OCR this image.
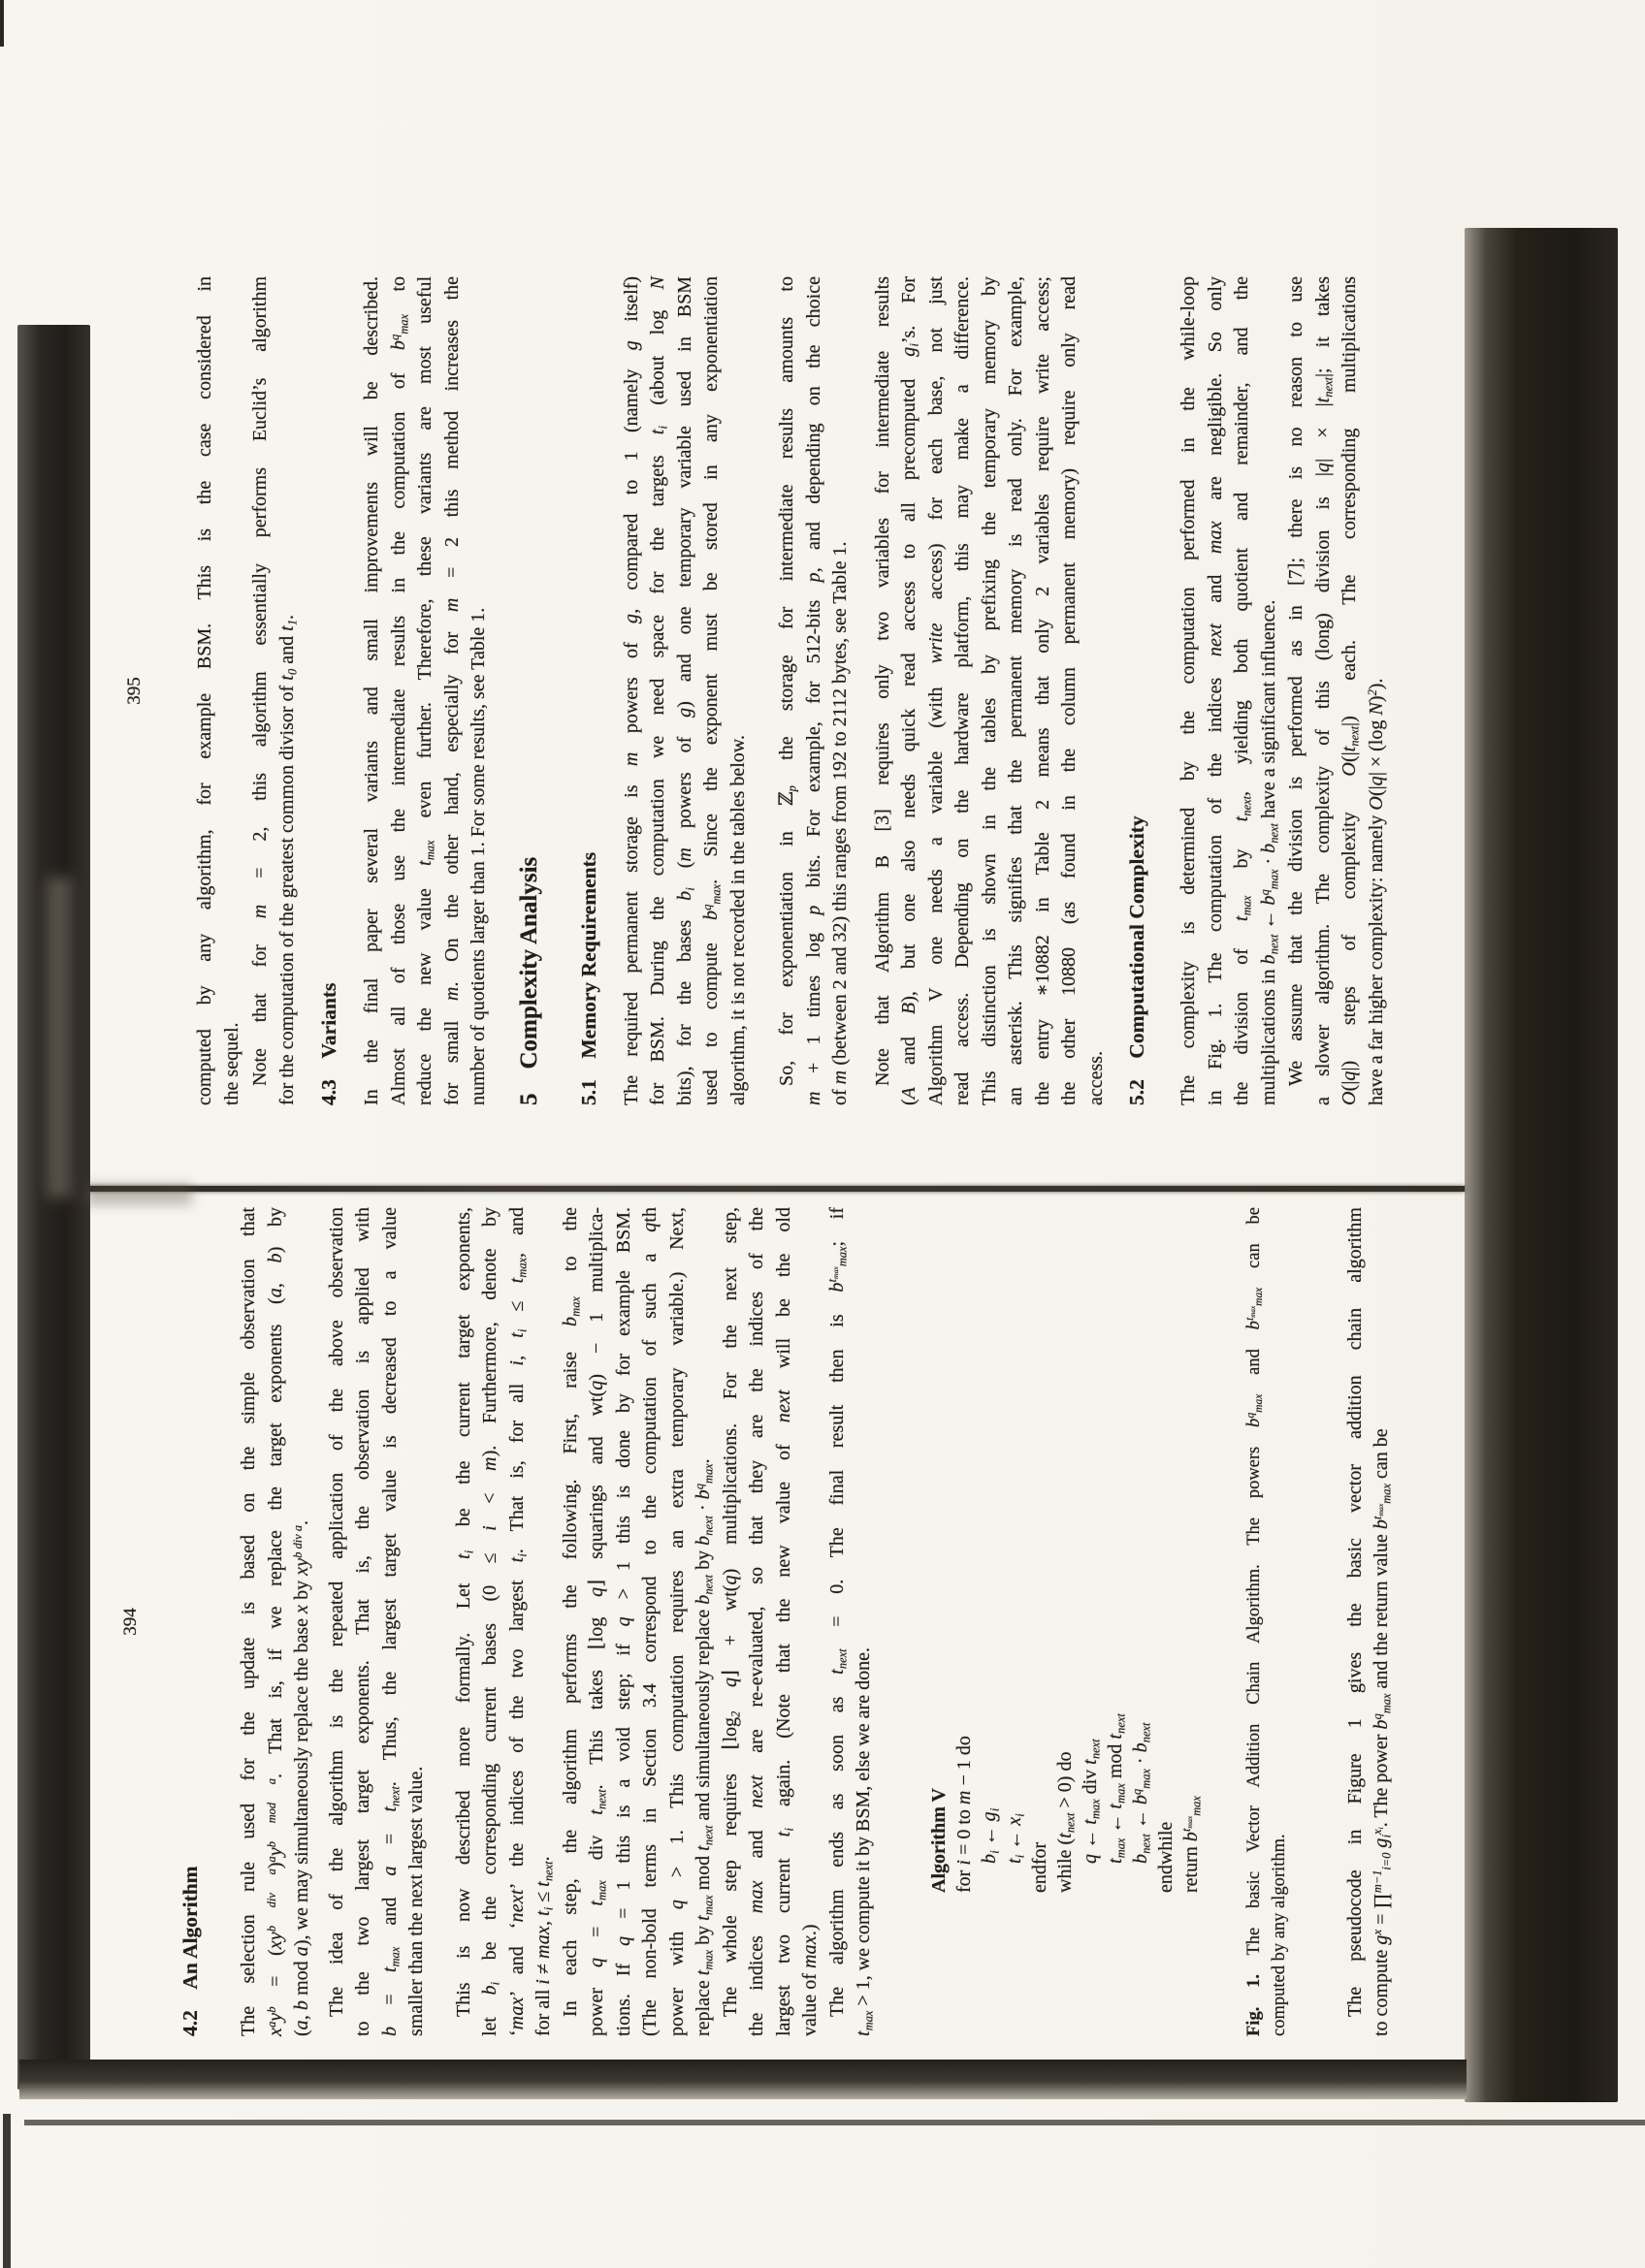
394
4.2 An Algorithm The selection rule used for the update is based on the simple observation that $x^ay^b = (xy^{b div a})^ay^{b mod a}$. That is, if we replace the target exponents (a, b) by
(a, b mod a), we may simultaneously replace the base x by $xy^{b div a}$.  The idea of the algorithm is the repeated application of the above observation to the two largest target exponents. That is, the observation is applied with $b = t_{max}$ and $a = t_{next}$. Thus, the largest target value is decreased to a value
smaller than the next largest value.  This is now described more formally. Let $t_i$ be the current target exponents,
let $b_i$ be the corresponding current bases (0 ≤ i < m). Furthermore, denote by
‘max’ and ‘next’ the indices of the two largest $t_i$. That is, for all i, $t_i \le t_{max}$, and
for all i ≠ max, $t_i \le t_{next}$.  In each step, the algorithm performs the following. First, raise $b_{max}$ to the
power $q = t_{max}$ div $t_{next}$. This takes ⌊log q⌋ squarings and wt(q) − 1 multiplica-
tions. If q = 1 this is a void step; if q > 1 this is done by for example BSM. (The non-bold terms in Section 3.4 correspond to the computation of such a qth
power with q > 1. This computation requires an extra temporary variable.) Next,
replace $t_{max}$ by $t_{max}$ mod $t_{next}$ and simultaneously replace $b_{next}$ by $b_{next} \cdot b^q_{max}$.
 The whole step requires $⌊\log_2$ q⌋ + wt(q) multiplications. For the next step,
the indices max and next are re-evaluated, so that they are the indices of the
largest two current $t_i$ again. (Note that the new value of next will be the old
value of max.)  The algorithm ends as soon as $t_{next} = 0$. The final result then is $b^{t_{max}}_{max}$; if
$t_{max} > 1$, we compute it by BSM, else we are done.	Algorithm V for i = 0 to m − 1 do
  $b_i$ ← $g_i$
  $t_i$ ← $x_i$
endfor while $(t_{next} > 0)$ do
  q ← $t_{max}$ div $t_{next}$
  $t_{max}$ ← $t_{max}$ mod $t_{next}$
  $b_{next}$ ← $b^q_{max} \cdot b_{next}$
endwhile return $b^{t_{max}}_{max}$
Fig. 1. The basic Vector Addition Chain Algorithm. The powers $b^q_{max}$ and $b^{t_{max}}_{max}$ can be
computed by any algorithm.	 The pseudocode in Figure 1 gives the basic vector addition chain algorithm to compute $g^x$ = ∏$^{m-1}_{i=0}$ $g_i^{x_i}$. The power $b^q_{max}$ and the return value $b^{t_{max}}_{max}$ can be
395	computed by any algorithm, for example BSM. This is the case considered in the sequel.  Note that for m = 2, this algorithm essentially performs Euclid’s algorithm for the computation of the greatest common divisor of $t_0$ and $t_1$.
4.3 Variants In the final paper several variants and small improvements will be described. Almost all of those use the intermediate results in the computation of $b^q_{max}$ to
reduce the new value $t_{max}$ even further. Therefore, these variants are most useful
for small m. On the other hand, especially for m = 2 this method increases the
number of quotients larger than 1. For some results, see Table 1. 5 Complexity Analysis 5.1 Memory Requirements The required permanent storage is m powers of g, compared to 1 (namely g itself)
for BSM. During the computation we need space for the targets $t_i$ (about log N
bits), for the bases $b_i$ (m powers of g) and one temporary variable used in BSM
used to compute $b^q_{max}$. Since the exponent must be stored in any exponentiation
algorithm, it is not recorded in the tables below.  So, for exponentiation in ℤ$_p$ the storage for intermediate results amounts to
m + 1 times log p bits. For example, for 512-bits p, and depending on the choice
of m (between 2 and 32) this ranges from 192 to 2112 bytes, see Table 1.  Note that Algorithm B [3] requires only two variables for intermediate results (A and B), but one also needs quick read access to all precomputed $g_i’s$. For
Algorithm V one needs a variable (with write access) for each base, not just read access. Depending on the hardware platform, this may make a difference. This distinction is shown in the tables by prefixing the temporary memory by an asterisk. This signifies that the permanent memory is read only. For example, the entry ∗10882 in Table 2 means that only 2 variables require write access; the other 10880 (as found in the column permanent memory) require only read access. 5.2 Computational Complexity The complexity is determined by the computation performed in the while-loop in Fig. 1. The computation of the indices next and max are negligible. So only
the division of $t_{max}$ by $t_{next}$, yielding both quotient and remainder, and the
multiplications in $b_{next}$ ← $b^q_{max} \cdot b_{next}$ have a significant influence.  We assume that the division is performed as in [7]; there is no reason to use a slower algorithm. The complexity of this (long) division is $|q| \times |t_{next}|$; it takes
O(|q|) steps of complexity $O(|t_{next}|)$ each. The corresponding multiplications
have a far higher complexity: namely O(|q| × (log N)$^2$).
